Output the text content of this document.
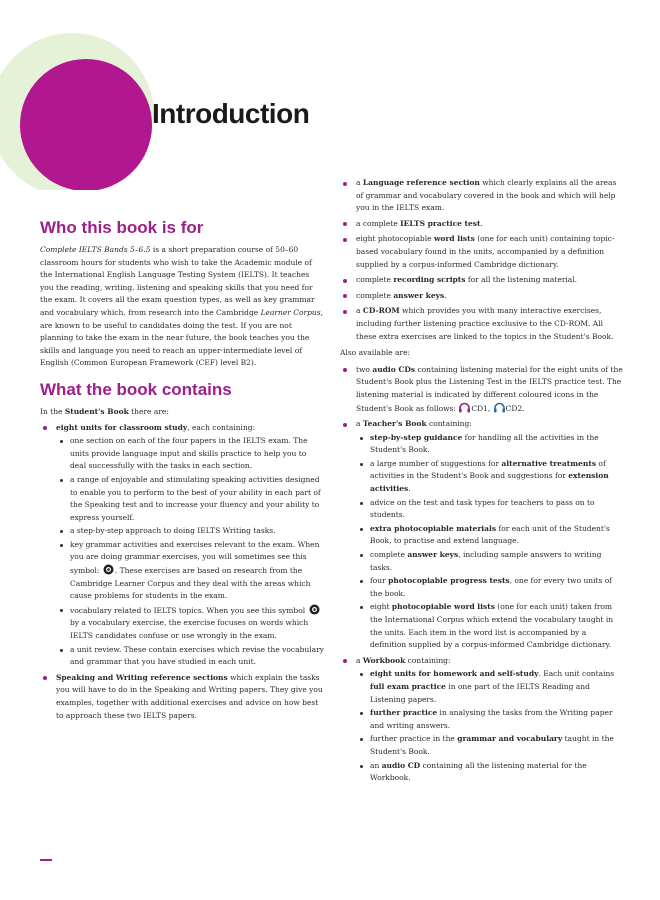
Introduction
Who this book is for

Complete IELTS Bands 5–6.5 is a short preparation course of 50–60 classroom hours for students who wish to take the Academic module of the International English Language Testing System (IELTS). It teaches you the reading, writing, listening and speaking skills that you need for the exam. It covers all the exam question types, as well as key grammar and vocabulary which, from research into the Cambridge Learner Corpus, are known to be useful to candidates doing the test. If you are not planning to take the exam in the near future, the book teaches you the skills and language you need to reach an upper-intermediate level of English (Common European Framework (CEF) level B2).

What the book contains

In the Student's Book there are:

eight units for classroom study, each containing:
one section on each of the four papers in the IELTS exam. The units provide language input and skills practice to help you to deal successfully with the tasks in each section.
a range of enjoyable and stimulating speaking activities designed to enable you to perform to the best of your ability in each part of the Speaking test and to increase your fluency and your ability to express yourself.
a step-by-step approach to doing IELTS Writing tasks.
key grammar activities and exercises relevant to the exam. When you are doing grammar exercises, you will sometimes see this symbol: . These exercises are based on research from the Cambridge Learner Corpus and they deal with the areas which cause problems for students in the exam.
vocabulary related to IELTS topics. When you see this symbol  by a vocabulary exercise, the exercise focuses on words which IELTS candidates confuse or use wrongly in the exam.
a unit review. These contain exercises which revise the vocabulary and grammar that you have studied in each unit.
Speaking and Writing reference sections which explain the tasks you will have to do in the Speaking and Writing papers. They give you examples, together with additional exercises and advice on how best to approach these two IELTS papers.
a Language reference section which clearly explains all the areas of grammar and vocabulary covered in the book and which will help you in the IELTS exam.
a complete IELTS practice test.
eight photocopiable word lists (one for each unit) containing topic-based vocabulary found in the units, accompanied by a definition supplied by a corpus-informed Cambridge dictionary.
complete recording scripts for all the listening material.
complete answer keys.
a CD-ROM which provides you with many interactive exercises, including further listening practice exclusive to the CD-ROM. All these extra exercises are linked to the topics in the Student's Book.

Also available are:

two audio CDs containing listening material for the eight units of the Student's Book plus the Listening Test in the IELTS practice test. The listening material is indicated by different coloured icons in the Student's Book as follows: CD1, CD2.
a Teacher's Book containing:
step-by-step guidance for handling all the activities in the Student's Book.
a large number of suggestions for alternative treatments of activities in the Student's Book and suggestions for extension activities.
advice on the test and task types for teachers to pass on to students.
extra photocopiable materials for each unit of the Student's Book, to practise and extend language.
complete answer keys, including sample answers to writing tasks.
four photocopiable progress tests, one for every two units of the book.
eight photocopiable word lists (one for each unit) taken from the International Corpus which extend the vocabulary taught in the units. Each item in the word list is accompanied by a definition supplied by a corpus-informed Cambridge dictionary.
a Workbook containing:
eight units for homework and self-study. Each unit contains full exam practice in one part of the IELTS Reading and Listening papers.
further practice in analysing the tasks from the Writing paper and writing answers.
further practice in the grammar and vocabulary taught in the Student's Book.
an audio CD containing all the listening material for the Workbook.
